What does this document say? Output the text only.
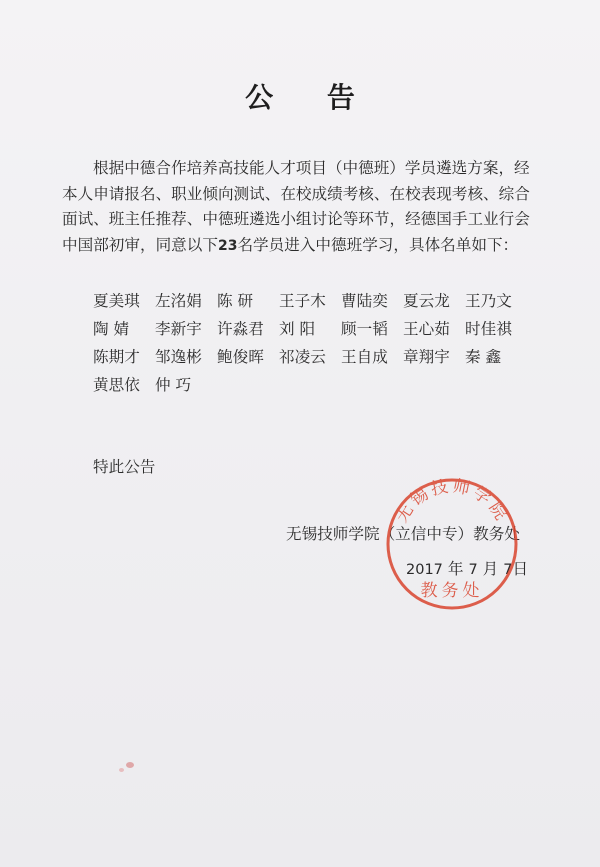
公 告
根据中德合作培养高技能人才项目（中德班）学员遴选方案，经
本人申请报名、职业倾向测试、在校成绩考核、在校表现考核、综合
面试、班主任推荐、中德班遴选小组讨论等环节，经德国手工业行会
中国部初审，同意以下23名学员进入中德班学习，具体名单如下：
夏美琪 左洺娟 陈 研 王子木 曹陆奕 夏云龙 王乃文
陶 婧 李新宇 许淼君 刘 阳 顾一韬 王心茹 时佳祺
陈期才 邹逸彬 鲍俊晖 祁凌云 王自成 章翔宇 秦 鑫
黄思依 仲 巧
特此公告
无锡技师学院（立信中专）教务处
2017 年 7 月 7日
无锡技师学院
教务处
